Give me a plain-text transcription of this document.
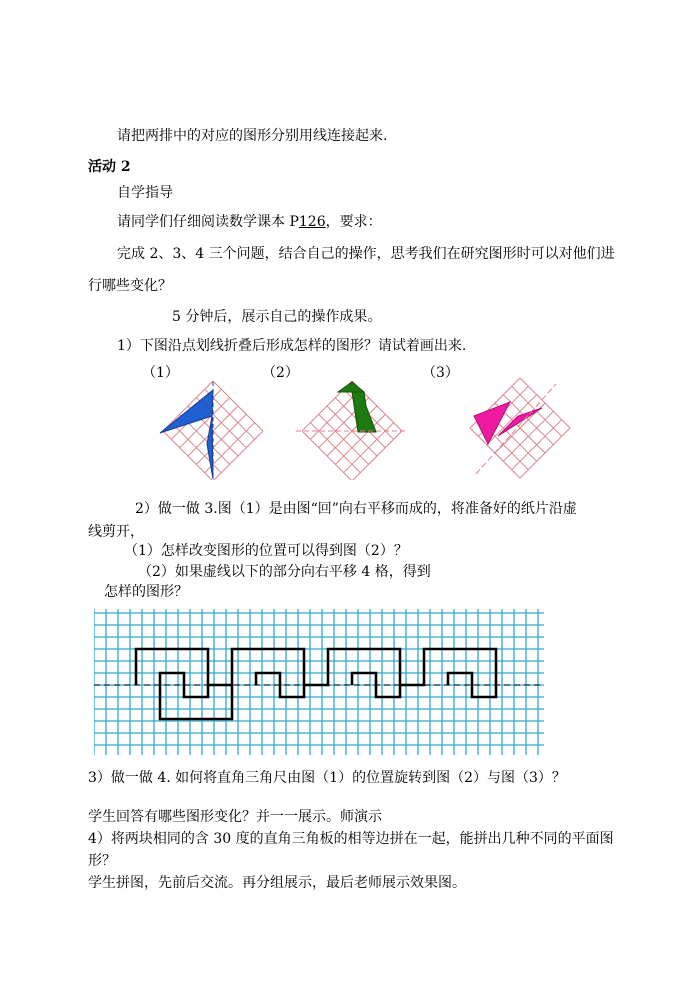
请把两排中的对应的图形分别用线连接起来.
活动 2
自学指导
请同学们仔细阅读数学课本 P126，要求：
完成 2、3、4 三个问题，结合自己的操作，思考我们在研究图形时可以对他们进
行哪些变化？
5 分钟后，展示自己的操作成果。
1）下图沿点划线折叠后形成怎样的图形？请试着画出来.
（1）	（2）	（3）
2）做一做 3.图（1）是由图“回”向右平移而成的，将准备好的纸片沿虚
线剪开，
（1）怎样改变图形的位置可以得到图（2）？
（2）如果虚线以下的部分向右平移 4 格，得到
怎样的图形？
3）做一做 4. 如何将直角三角尺由图（1）的位置旋转到图（2）与图（3）？
学生回答有哪些图形变化？并一一展示。师演示
4）将两块相同的含 30 度的直角三角板的相等边拼在一起，能拼出几种不同的平面图
形？
学生拼图，先前后交流。再分组展示，最后老师展示效果图。
